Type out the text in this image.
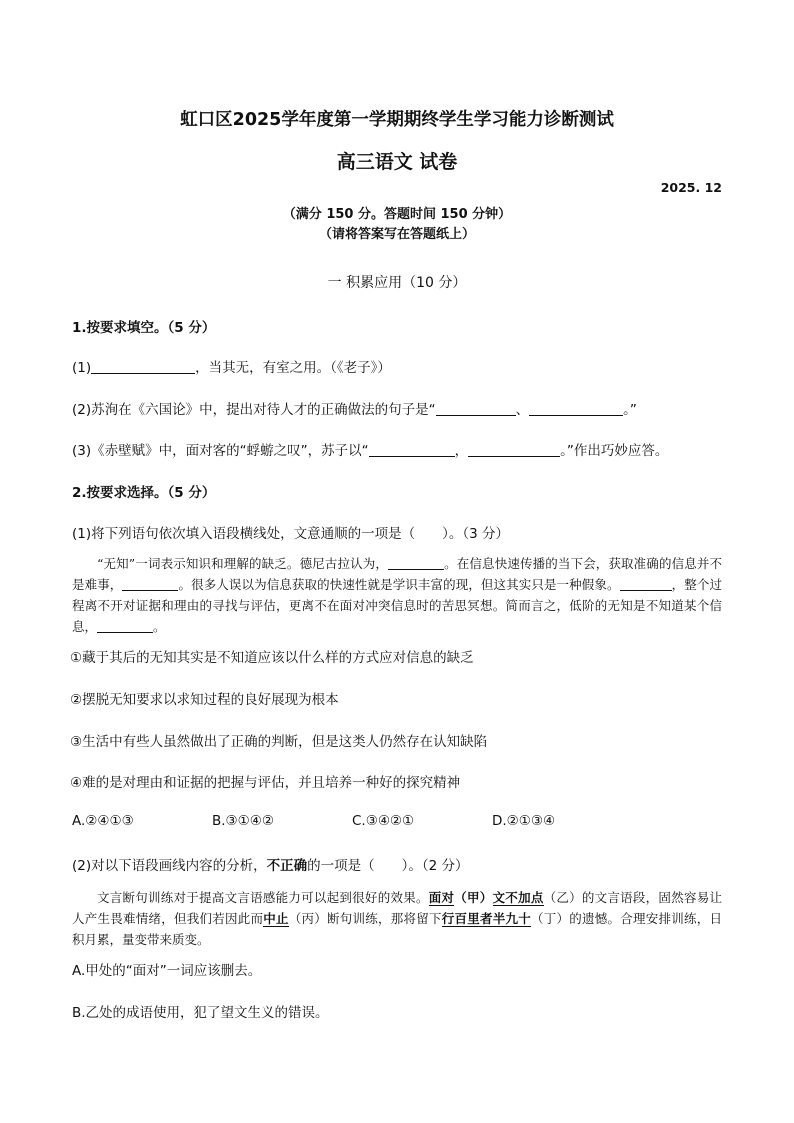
虹口区2025学年度第一学期期终学生学习能力诊断测试
高三语文 试卷
2025. 12
（满分 150 分。答题时间 150 分钟）
（请将答案写在答题纸上）
一 积累应用（10 分）
1.按要求填空。（5 分）
(1)	，当其无，有室之用。（《老子》）
(2)苏洵在《六国论》中，提出对待人才的正确做法的句子是“	、	。”
(3)《赤壁赋》中，面对客的“蜉蝣之叹”，苏子以“	，	。”作出巧妙应答。
2.按要求选择。（5 分）
(1)将下列语句依次填入语段横线处，文意通顺的一项是（　　）。（3 分）
“无知”一词表示知识和理解的缺乏。德尼古拉认为，	。在信息快速传播的当下会，获取准确的信息并不是难事，	。很多人误以为信息获取的快速性就是学识丰富的现，但这其实只是一种假象。	，整个过程离不开对证据和理由的寻找与评估，更离不在面对冲突信息时的苦思冥想。简而言之，低阶的无知是不知道某个信息，	。
①藏于其后的无知其实是不知道应该以什么样的方式应对信息的缺乏
②摆脱无知要求以求知过程的良好展现为根本
③生活中有些人虽然做出了正确的判断，但是这类人仍然存在认知缺陷
④难的是对理由和证据的把握与评估，并且培养一种好的探究精神
A.②④①③	B.③①④②	C.③④②①	D.②①③④
(2)对以下语段画线内容的分析，不正确的一项是（　　）。（2 分）
文言断句训练对于提高文言语感能力可以起到很好的效果。面对（甲）文不加点（乙）的文言语段，固然容易让人产生畏难情绪，但我们若因此而中止（丙）断句训练，那将留下行百里者半九十（丁）的遗憾。合理安排训练，日积月累，量变带来质变。
A.甲处的“面对”一词应该删去。
B.乙处的成语使用，犯了望文生义的错误。
